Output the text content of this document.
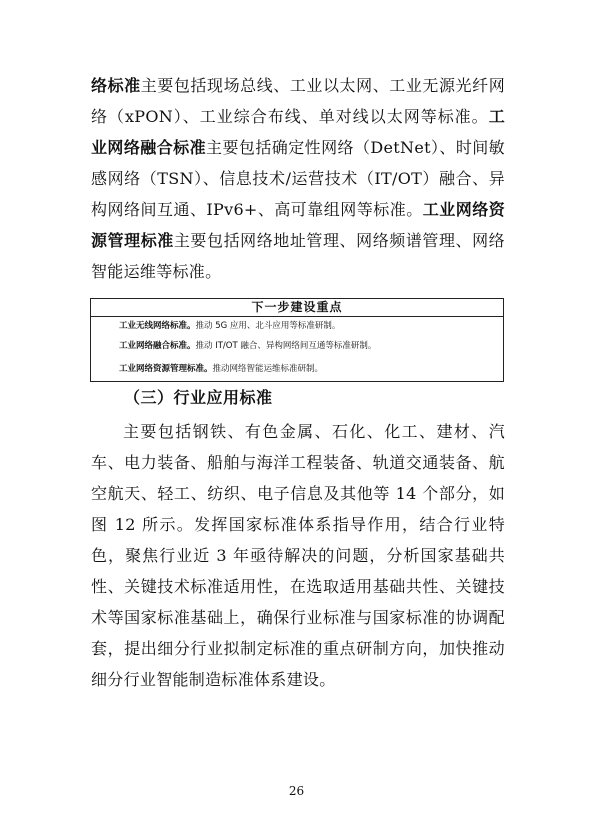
络标准主要包括现场总线、工业以太网、工业无源光纤网络（xPON）、工业综合布线、单对线以太网等标准。工业网络融合标准主要包括确定性网络（DetNet）、时间敏感网络（TSN）、信息技术/运营技术（IT/OT）融合、异构网络间互通、IPv6+、高可靠组网等标准。工业网络资源管理标准主要包括网络地址管理、网络频谱管理、网络智能运维等标准。
下一步建设重点
工业无线网络标准。推动 5G 应用、北斗应用等标准研制。
工业网络融合标准。推动 IT/OT 融合、异构网络间互通等标准研制。
工业网络资源管理标准。推动网络智能运维标准研制。
（三）行业应用标准
主要包括钢铁、有色金属、石化、化工、建材、汽车、电力装备、船舶与海洋工程装备、轨道交通装备、航空航天、轻工、纺织、电子信息及其他等 14 个部分，如图 12 所示。发挥国家标准体系指导作用，结合行业特色，聚焦行业近 3 年亟待解决的问题，分析国家基础共性、关键技术标准适用性，在选取适用基础共性、关键技术等国家标准基础上，确保行业标准与国家标准的协调配套，提出细分行业拟制定标准的重点研制方向，加快推动细分行业智能制造标准体系建设。
26
